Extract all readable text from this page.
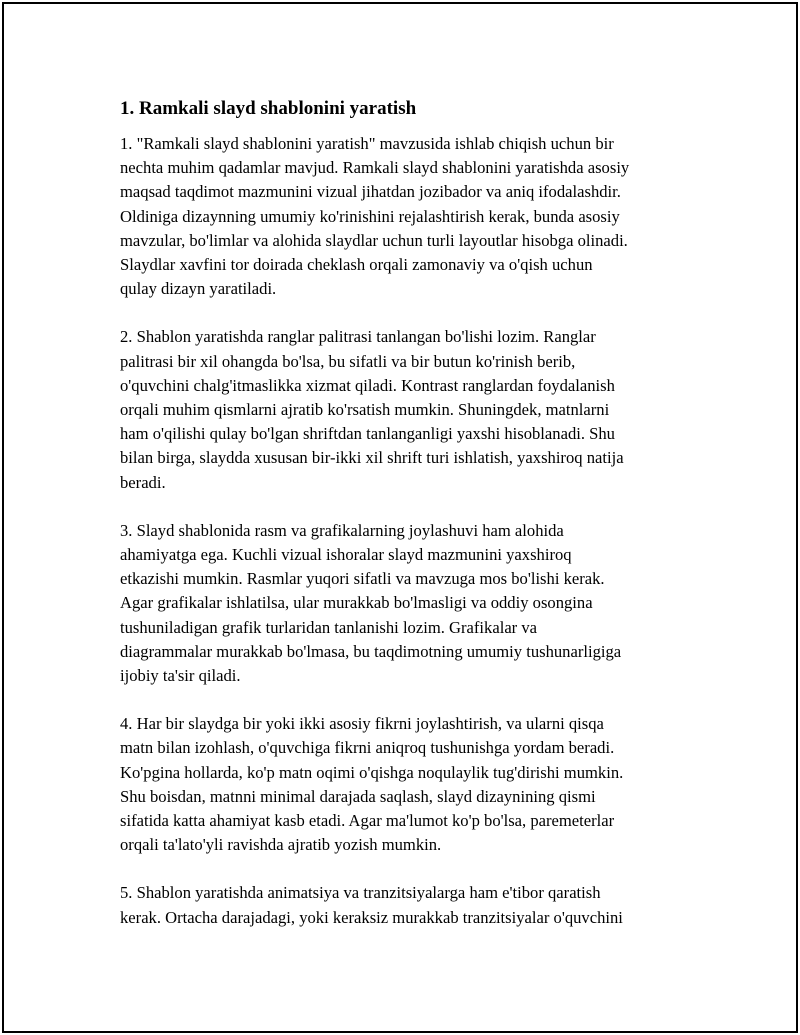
1. Ramkali slayd shablonini yaratish
1. "Ramkali slayd shablonini yaratish" mavzusida ishlab chiqish uchun bir
nechta muhim qadamlar mavjud. Ramkali slayd shablonini yaratishda asosiy
maqsad taqdimot mazmunini vizual jihatdan jozibador va aniq ifodalashdir.
Oldiniga dizaynning umumiy ko'rinishini rejalashtirish kerak, bunda asosiy
mavzular, bo'limlar va alohida slaydlar uchun turli layoutlar hisobga olinadi.
Slaydlar xavfini tor doirada cheklash orqali zamonaviy va o'qish uchun
qulay dizayn yaratiladi.
2. Shablon yaratishda ranglar palitrasi tanlangan bo'lishi lozim. Ranglar
palitrasi bir xil ohangda bo'lsa, bu sifatli va bir butun ko'rinish berib,
o'quvchini chalg'itmaslikka xizmat qiladi. Kontrast ranglardan foydalanish
orqali muhim qismlarni ajratib ko'rsatish mumkin. Shuningdek, matnlarni
ham o'qilishi qulay bo'lgan shriftdan tanlanganligi yaxshi hisoblanadi. Shu
bilan birga, slaydda xususan bir-ikki xil shrift turi ishlatish, yaxshiroq natija
beradi.
3. Slayd shablonida rasm va grafikalarning joylashuvi ham alohida
ahamiyatga ega. Kuchli vizual ishoralar slayd mazmunini yaxshiroq
etkazishi mumkin. Rasmlar yuqori sifatli va mavzuga mos bo'lishi kerak.
Agar grafikalar ishlatilsa, ular murakkab bo'lmasligi va oddiy osongina
tushuniladigan grafik turlaridan tanlanishi lozim. Grafikalar va
diagrammalar murakkab bo'lmasa, bu taqdimotning umumiy tushunarligiga
ijobiy ta'sir qiladi.
4. Har bir slaydga bir yoki ikki asosiy fikrni joylashtirish, va ularni qisqa
matn bilan izohlash, o'quvchiga fikrni aniqroq tushunishga yordam beradi.
Ko'pgina hollarda, ko'p matn oqimi o'qishga noqulaylik tug'dirishi mumkin.
Shu boisdan, matnni minimal darajada saqlash, slayd dizaynining qismi
sifatida katta ahamiyat kasb etadi. Agar ma'lumot ko'p bo'lsa, paremeterlar
orqali ta'lato'yli ravishda ajratib yozish mumkin.
5. Shablon yaratishda animatsiya va tranzitsiyalarga ham e'tibor qaratish
kerak. Ortacha darajadagi, yoki keraksiz murakkab tranzitsiyalar o'quvchini
